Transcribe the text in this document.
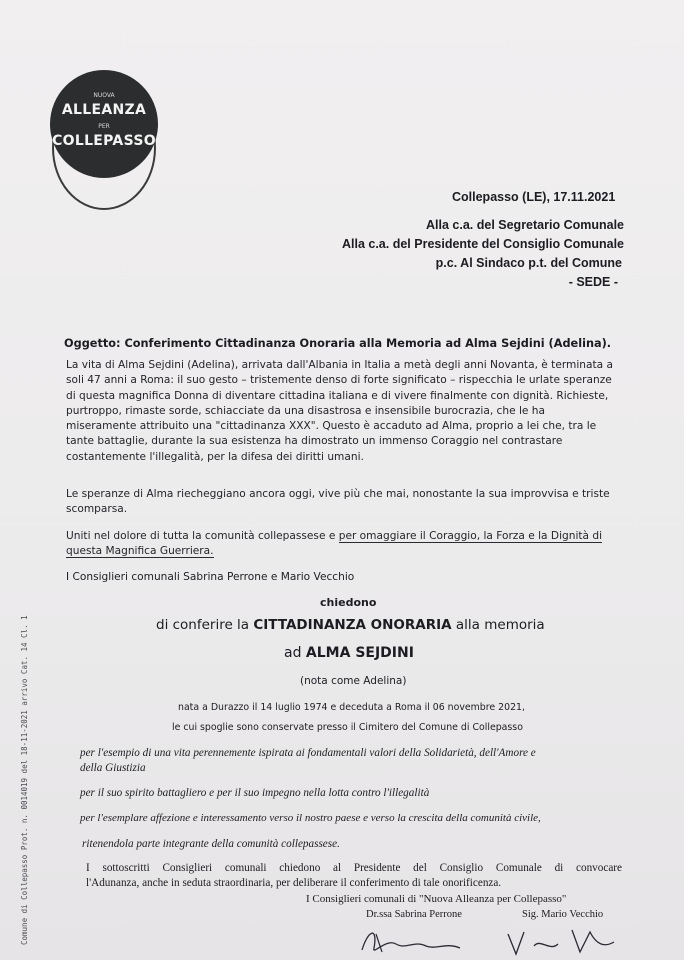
NUOVA
ALLEANZA
PER
COLLEPASSO
Comune di Collepasso Prot. n. 0014019 del 18-11-2021 arrivo Cat. 14 Cl. 1
Collepasso (LE), 17.11.2021
Alla c.a. del Segretario Comunale
Alla c.a. del Presidente del Consiglio Comunale
p.c. Al Sindaco p.t. del Comune
- SEDE -
Oggetto: Conferimento Cittadinanza Onoraria alla Memoria ad Alma Sejdini (Adelina).
La vita di Alma Sejdini (Adelina), arrivata dall'Albania in Italia a metà degli anni Novanta, è terminata a
soli 47 anni a Roma: il suo gesto – tristemente denso di forte significato – rispecchia le urlate speranze
di questa magnifica Donna di diventare cittadina italiana e di vivere finalmente con dignità. Richieste,
purtroppo, rimaste sorde, schiacciate da una disastrosa e insensibile burocrazia, che le ha
miseramente attribuito una "cittadinanza XXX". Questo è accaduto ad Alma, proprio a lei che, tra le
tante battaglie, durante la sua esistenza ha dimostrato un immenso Coraggio nel contrastare
costantemente l'illegalità, per la difesa dei diritti umani.
Le speranze di Alma riecheggiano ancora oggi, vive più che mai, nonostante la sua improvvisa e triste
scomparsa.
Uniti nel dolore di tutta la comunità collepassese e per omaggiare il Coraggio, la Forza e la Dignità di
questa Magnifica Guerriera.
I Consiglieri comunali Sabrina Perrone e Mario Vecchio
chiedono
di conferire la CITTADINANZA ONORARIA alla memoria
ad ALMA SEJDINI
(nota come Adelina)
nata a Durazzo il 14 luglio 1974 e deceduta a Roma il 06 novembre 2021,
le cui spoglie sono conservate presso il Cimitero del Comune di Collepasso
per l'esempio di una vita perennemente ispirata ai fondamentali valori della Solidarietà, dell'Amore e
della Giustizia
per il suo spirito battagliero e per il suo impegno nella lotta contro l'illegalità
per l'esemplare affezione e interessamento verso il nostro paese e verso la crescita della comunità civile,
ritenendola parte integrante della comunità collepassese.
I sottoscritti Consiglieri comunali chiedono al Presidente del Consiglio Comunale di convocare
l'Adunanza, anche in seduta straordinaria, per deliberare il conferimento di tale onorificenza.
I Consiglieri comunali di "Nuova Alleanza per Collepasso"
Dr.ssa Sabrina Perrone	Sig. Mario Vecchio
